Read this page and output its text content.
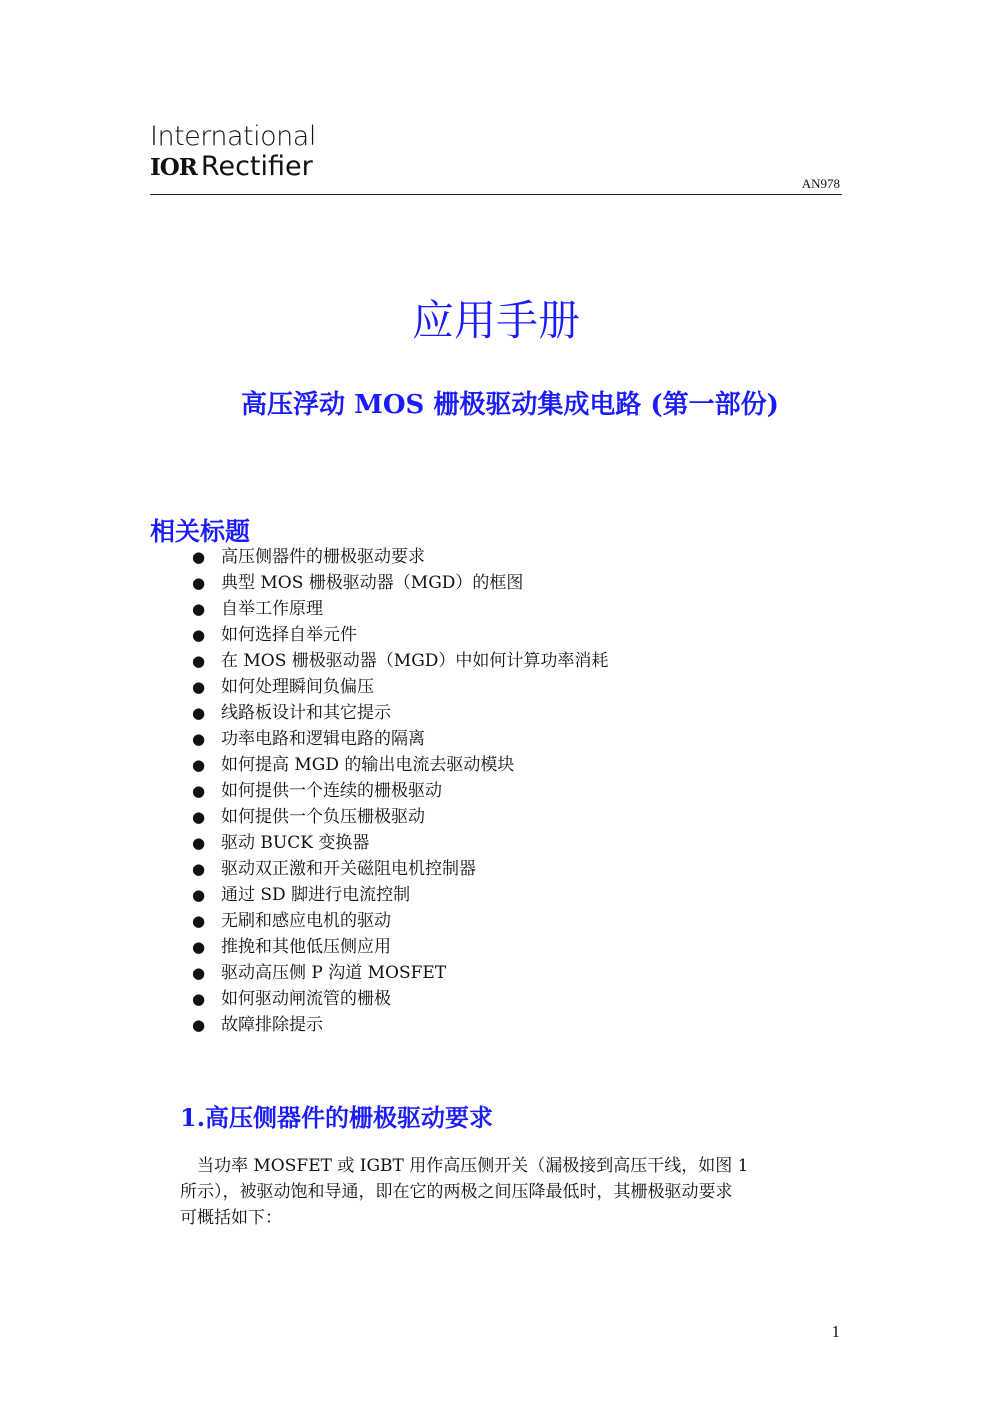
International
IOR Rectifier
AN978
应用手册
高压浮动 MOS 栅极驱动集成电路 (第一部份)
相关标题
● 高压侧器件的栅极驱动要求
● 典型 MOS 栅极驱动器（MGD）的框图
● 自举工作原理
● 如何选择自举元件
● 在 MOS 栅极驱动器（MGD）中如何计算功率消耗
● 如何处理瞬间负偏压
● 线路板设计和其它提示
● 功率电路和逻辑电路的隔离
● 如何提高 MGD 的输出电流去驱动模块
● 如何提供一个连续的栅极驱动
● 如何提供一个负压栅极驱动
● 驱动 BUCK 变换器
● 驱动双正激和开关磁阻电机控制器
● 通过 SD 脚进行电流控制
● 无刷和感应电机的驱动
● 推挽和其他低压侧应用
● 驱动高压侧 P 沟道 MOSFET
● 如何驱动闸流管的栅极
● 故障排除提示
1.高压侧器件的栅极驱动要求
当功率 MOSFET 或 IGBT 用作高压侧开关（漏极接到高压干线，如图 1
所示），被驱动饱和导通，即在它的两极之间压降最低时，其栅极驱动要求
可概括如下：
1
